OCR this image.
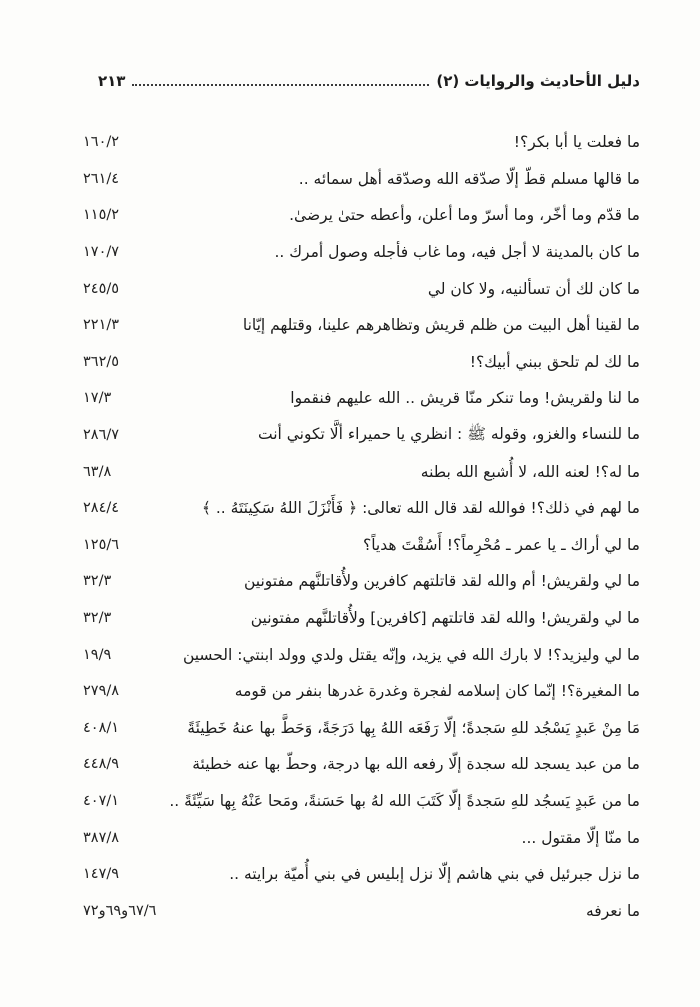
دليل الأحاديث والروايات (٢)
٢١٣
ما فعلت يا أبا بكر؟!
١٦٠/٢
ما قالها مسلم قطّ إلّا صدّقه الله وصدّقه أهل سمائه ..
٢٦١/٤
ما قدّم وما أخّر، وما أسرّ وما أعلن، وأعطه حتىٰ يرضىٰ.
١١٥/٢
ما كان بالمدينة لا أجل فيه، وما غاب فأجله وصول أمرك ..
١٧٠/٧
ما كان لك أن تسألنيه، ولا كان لي
٢٤٥/٥
ما لقينا أهل البيت من ظلم قريش وتظاهرهم علينا، وقتلهم إيّانا
٢٢١/٣
ما لك لم تلحق ببني أبيك؟!
٣٦٢/٥
ما لنا ولقريش! وما تنكر منّا قريش .. الله عليهم فنقموا
١٧/٣
ما للنساء والغزو، وقوله ﷺ : انظري يا حميراء ألَّا تكوني أنت
٢٨٦/٧
ما له؟! لعنه الله، لا أُشبع الله بطنه
٦٣/٨
ما لهم في ذلك؟! فوالله لقد قال الله تعالى: ﴿ فَأَنْزَلَ اللهُ سَكِينَتَهُ .. ﴾
٢٨٤/٤
ما لي أراك ـ يا عمر ـ مُحْرِماً؟! أَسُقْتَ هدياً؟
١٢٥/٦
ما لي ولقريش! أم والله لقد قاتلتهم كافرين ولأُقاتلنَّهم مفتونين
٣٢/٣
ما لي ولقريش! والله لقد قاتلتهم [كافرين] ولأُقاتلنَّهم مفتونين
٣٢/٣
ما لي وليزيد؟! لا بارك الله في يزيد، وإنّه يقتل ولدي وولد ابنتي: الحسين
١٩/٩
ما المغيرة؟! إنّما كان إسلامه لفجرة وغدرة غدرها بنفر من قومه
٢٧٩/٨
مَا مِنْ عَبدٍ يَسْجُد للهِ سَجدةً؛ إلّا رَفَعَه اللهُ بِها دَرَجَةً، وَحَطَّ بها عنهُ خَطِيئَةً
٤٠٨/١
ما من عبد يسجد لله سجدة إلّا رفعه الله بها درجة، وحطّ بها عنه خطيئة
٤٤٨/٩
ما من عَبدٍ يَسجُد للهِ سَجدةً إلّا كَتَبَ الله لهُ بها حَسَنةً، ومَحا عَنْهُ بِها سَيِّئَةً ..
٤٠٧/١
ما منّا إلّا مقتول ...
٣٨٧/٨
ما نزل جبرئيل في بني هاشم إلّا نزل إبليس في بني أُميّة برايته ..
١٤٧/٩
ما نعرفه
٦٧/٦و٦٩و٧٢
